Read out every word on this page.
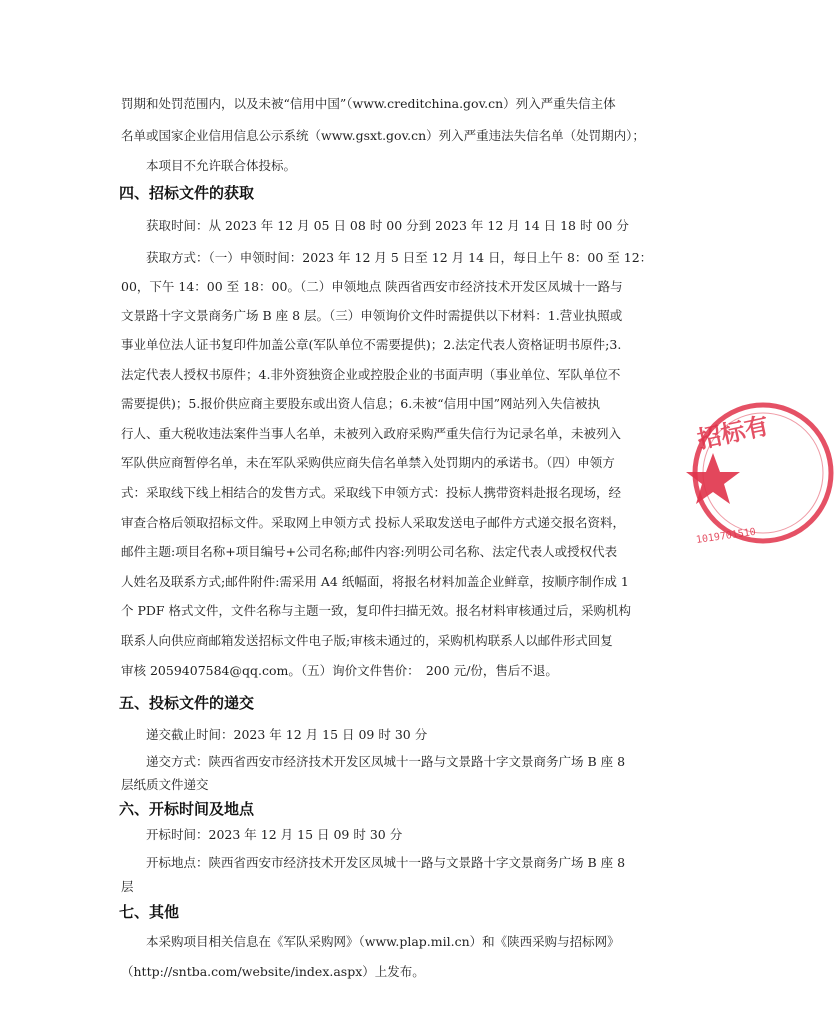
罚期和处罚范围内，以及未被“信用中国”（www.creditchina.gov.cn）列入严重失信主体
名单或国家企业信用信息公示系统（www.gsxt.gov.cn）列入严重违法失信名单（处罚期内）；
　　本项目不允许联合体投标。
四、招标文件的获取
　　获取时间：从 2023 年 12 月 05 日 08 时 00 分到 2023 年 12 月 14 日 18 时 00 分
　　获取方式：（一）申领时间：2023 年 12 月 5 日至 12 月 14 日，每日上午 8：00 至 12：
00，下午 14：00 至 18：00。（二）申领地点 陕西省西安市经济技术开发区凤城十一路与
文景路十字文景商务广场 B 座 8 层。（三）申领询价文件时需提供以下材料：1.营业执照或
事业单位法人证书复印件加盖公章(军队单位不需要提供)；2.法定代表人资格证明书原件;3.
法定代表人授权书原件；4.非外资独资企业或控股企业的书面声明（事业单位、军队单位不
需要提供)；5.报价供应商主要股东或出资人信息；6.未被“信用中国”网站列入失信被执
行人、重大税收违法案件当事人名单，未被列入政府采购严重失信行为记录名单，未被列入
军队供应商暂停名单，未在军队采购供应商失信名单禁入处罚期内的承诺书。（四）申领方
式：采取线下线上相结合的发售方式。采取线下申领方式：投标人携带资料赴报名现场，经
审查合格后领取招标文件。采取网上申领方式 投标人采取发送电子邮件方式递交报名资料，
邮件主题:项目名称+项目编号+公司名称;邮件内容:列明公司名称、法定代表人或授权代表
人姓名及联系方式;邮件附件:需采用 A4 纸幅面，将报名材料加盖企业鲜章，按顺序制作成 1
个 PDF 格式文件，文件名称与主题一致，复印件扫描无效。报名材料审核通过后，采购机构
联系人向供应商邮箱发送招标文件电子版;审核未通过的，采购机构联系人以邮件形式回复
审核 2059407584@qq.com。（五）询价文件售价：　200 元/份，售后不退。
五、投标文件的递交
　　递交截止时间：2023 年 12 月 15 日 09 时 30 分
　　递交方式：陕西省西安市经济技术开发区凤城十一路与文景路十字文景商务广场 B 座 8
层纸质文件递交
六、开标时间及地点
　　开标时间：2023 年 12 月 15 日 09 时 30 分
　　开标地点：陕西省西安市经济技术开发区凤城十一路与文景路十字文景商务广场 B 座 8
层
七、其他
　　本采购项目相关信息在《军队采购网》（www.plap.mil.cn）和《陕西采购与招标网》
（http://sntba.com/website/index.aspx）上发布。
招标有
1019701510
